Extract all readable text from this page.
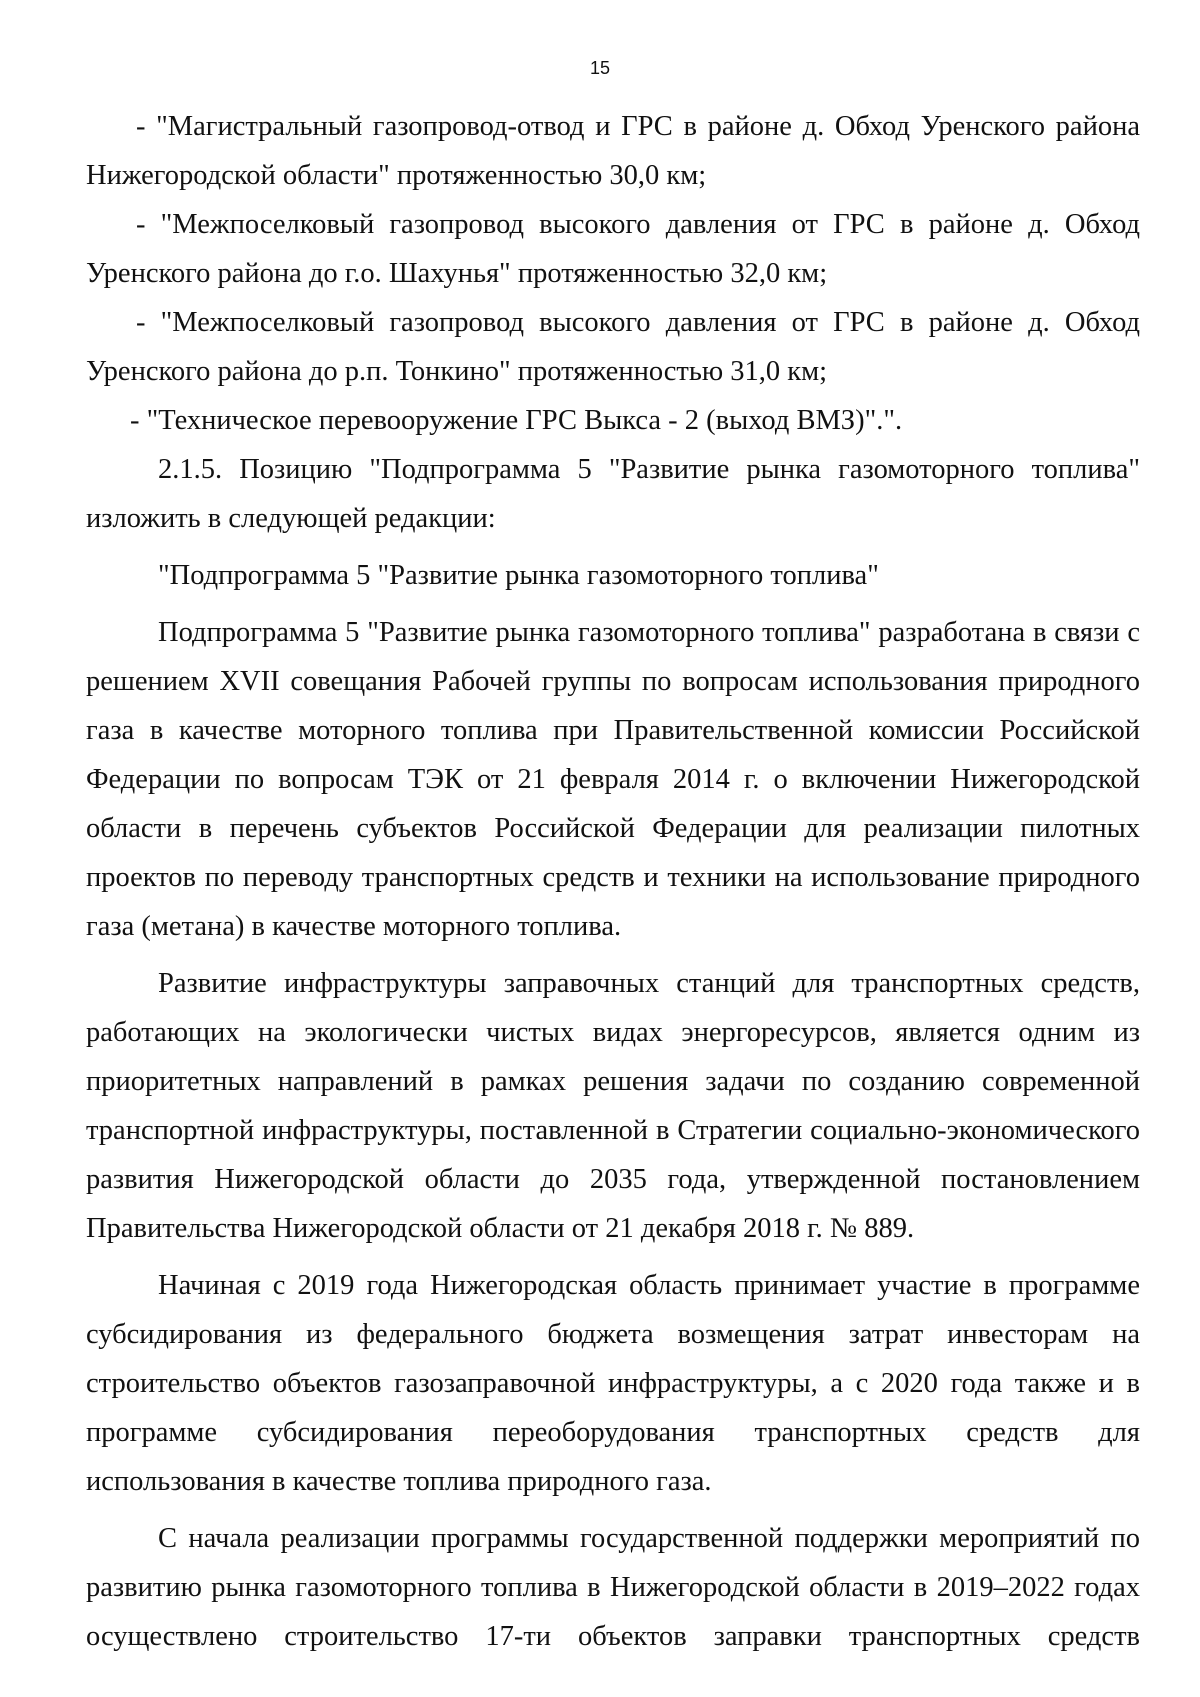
15

- "Магистральный газопровод-отвод и ГРС в районе д. Обход Уренского района Нижегородской области" протяженностью 30,0 км;

- "Межпоселковый газопровод высокого давления от ГРС в районе д. Обход Уренского района до г.о. Шахунья" протяженностью 32,0 км;

- "Межпоселковый газопровод высокого давления от ГРС в районе д. Обход Уренского района до р.п. Тонкино" протяженностью 31,0 км;

- "Техническое перевооружение ГРС Выкса - 2 (выход ВМЗ)".".

2.1.5. Позицию "Подпрограмма 5 "Развитие рынка газомоторного топлива" изложить в следующей редакции:

"Подпрограмма 5 "Развитие рынка газомоторного топлива"

Подпрограмма 5 "Развитие рынка газомоторного топлива" разработана в связи с решением XVII совещания Рабочей группы по вопросам использования природного газа в качестве моторного топлива при Правительственной комиссии Российской Федерации по вопросам ТЭК от 21 февраля 2014 г. о включении Нижегородской области в перечень субъектов Российской Федерации для реализации пилотных проектов по переводу транспортных средств и техники на использование природного газа (метана) в качестве моторного топлива.

Развитие инфраструктуры заправочных станций для транспортных средств, работающих на экологически чистых видах энергоресурсов, является одним из приоритетных направлений в рамках решения задачи по созданию современной транспортной инфраструктуры, поставленной в Стратегии социально-экономического развития Нижегородской области до 2035 года, утвержденной постановлением Правительства Нижегородской области от 21 декабря 2018 г. № 889.

Начиная с 2019 года Нижегородская область принимает участие в программе субсидирования из федерального бюджета возмещения затрат инвесторам на строительство объектов газозаправочной инфраструктуры, а с 2020 года также и в программе субсидирования переоборудования транспортных средств для использования в качестве топлива природного газа.

С начала реализации программы государственной поддержки мероприятий по развитию рынка газомоторного топлива в Нижегородской области в 2019–2022 годах осуществлено строительство 17-ти объектов заправки транспортных средств
